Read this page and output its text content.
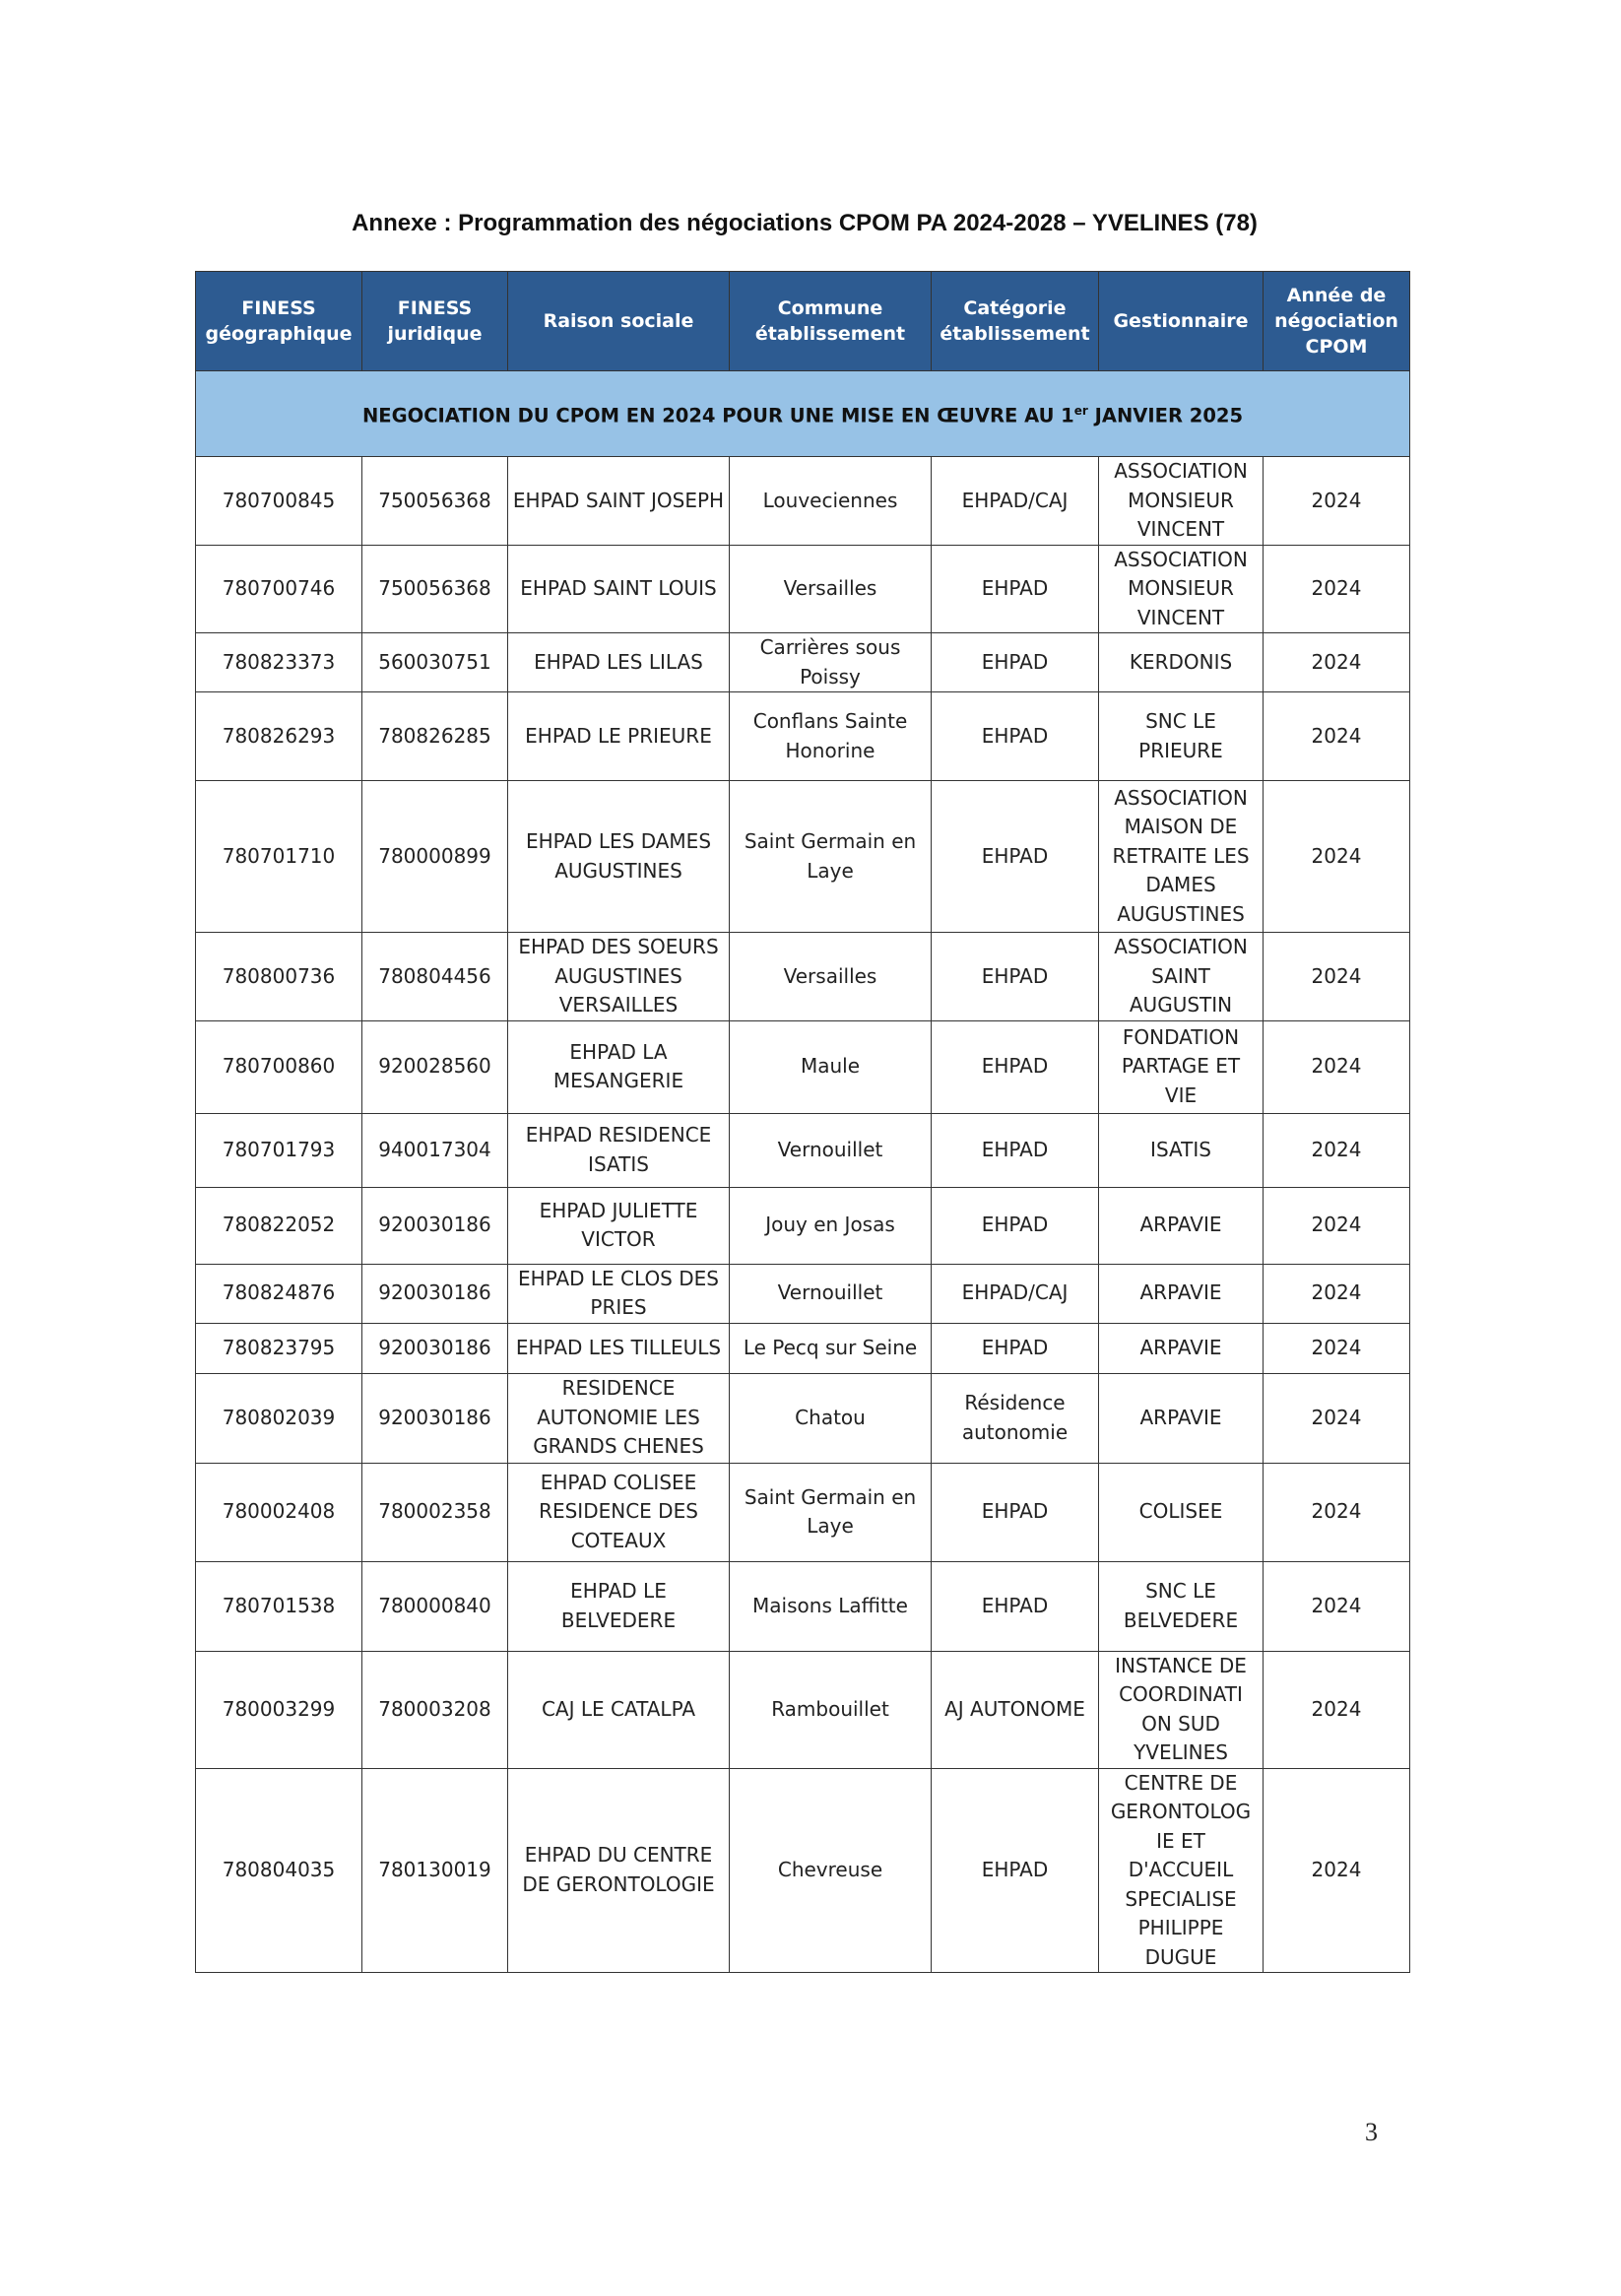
Annexe : Programmation des négociations CPOM PA 2024-2028 – YVELINES (78)
FINESS géographique	FINESS juridique	Raison sociale	Commune établissement	Catégorie établissement	Gestionnaire	Année de négociation CPOM
NEGOCIATION DU CPOM EN 2024 POUR UNE MISE EN ŒUVRE AU 1er JANVIER 2025						
780700845	750056368	EHPAD SAINT JOSEPH	Louveciennes	EHPAD/CAJ	ASSOCIATION MONSIEUR VINCENT	2024
780700746	750056368	EHPAD SAINT LOUIS	Versailles	EHPAD	ASSOCIATION MONSIEUR VINCENT	2024
780823373	560030751	EHPAD LES LILAS	Carrières sous Poissy	EHPAD	KERDONIS	2024
780826293	780826285	EHPAD LE PRIEURE	Conflans Sainte Honorine	EHPAD	SNC LE PRIEURE	2024
780701710	780000899	EHPAD LES DAMES AUGUSTINES	Saint Germain en Laye	EHPAD	ASSOCIATION MAISON DE RETRAITE LES DAMES AUGUSTINES	2024
780800736	780804456	EHPAD DES SOEURS AUGUSTINES VERSAILLES	Versailles	EHPAD	ASSOCIATION SAINT AUGUSTIN	2024
780700860	920028560	EHPAD LA MESANGERIE	Maule	EHPAD	FONDATION PARTAGE ET VIE	2024
780701793	940017304	EHPAD RESIDENCE ISATIS	Vernouillet	EHPAD	ISATIS	2024
780822052	920030186	EHPAD JULIETTE VICTOR	Jouy en Josas	EHPAD	ARPAVIE	2024
780824876	920030186	EHPAD LE CLOS DES PRIES	Vernouillet	EHPAD/CAJ	ARPAVIE	2024
780823795	920030186	EHPAD LES TILLEULS	Le Pecq sur Seine	EHPAD	ARPAVIE	2024
780802039	920030186	RESIDENCE AUTONOMIE LES GRANDS CHENES	Chatou	Résidence autonomie	ARPAVIE	2024
780002408	780002358	EHPAD COLISEE RESIDENCE DES COTEAUX	Saint Germain en Laye	EHPAD	COLISEE	2024
780701538	780000840	EHPAD LE BELVEDERE	Maisons Laffitte	EHPAD	SNC LE BELVEDERE	2024
780003299	780003208	CAJ LE CATALPA	Rambouillet	AJ AUTONOME	INSTANCE DE COORDINATI ON SUD YVELINES	2024
780804035	780130019	EHPAD DU CENTRE DE GERONTOLOGIE	Chevreuse	EHPAD	CENTRE DE GERONTOLOG IE ET D'ACCUEIL SPECIALISE PHILIPPE DUGUE	2024
3
